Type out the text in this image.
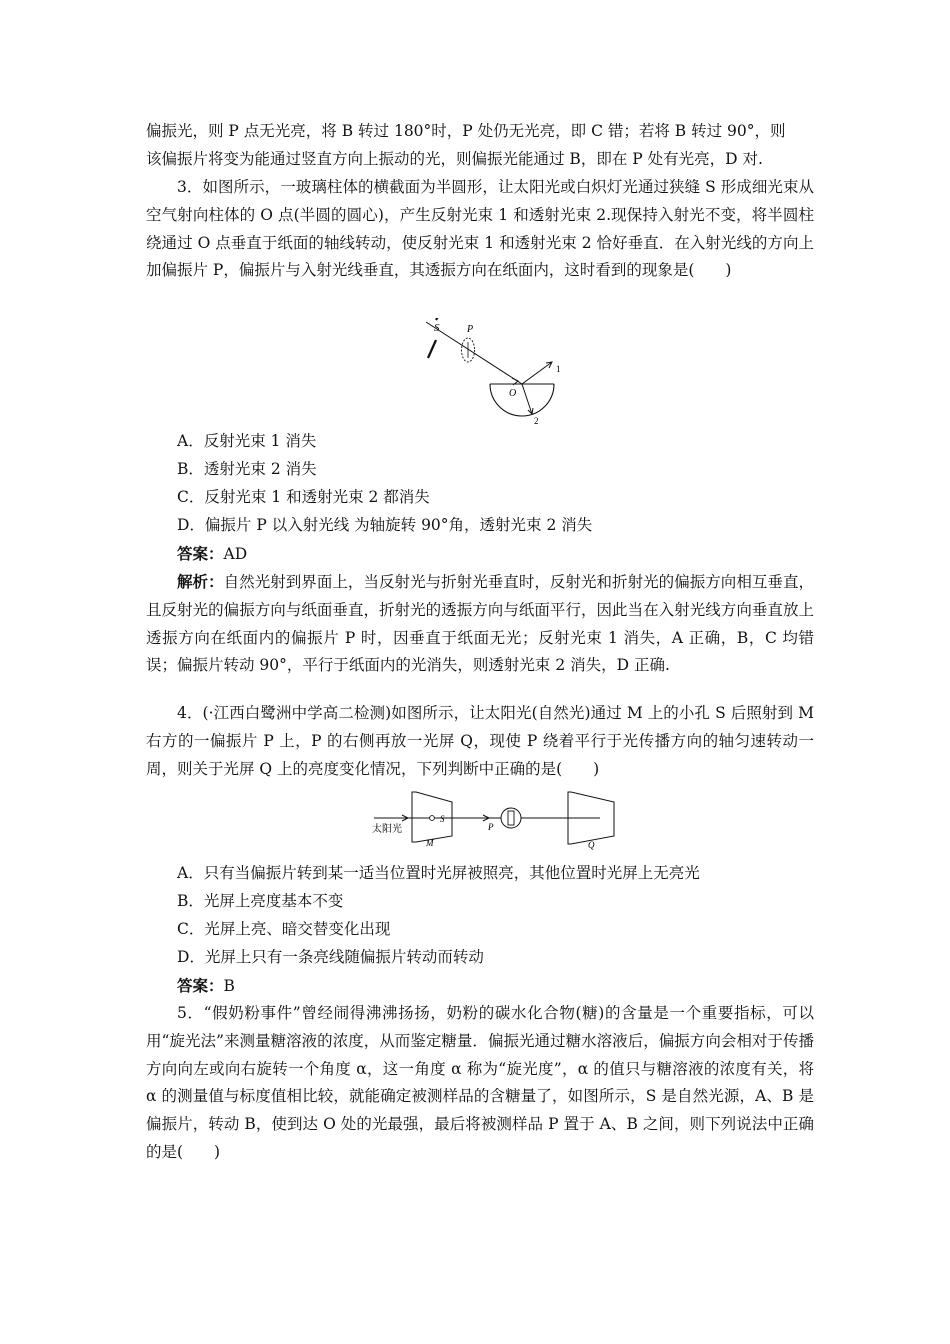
偏振光，则 P 点无光亮，将 B 转过 180°时，P 处仍无光亮，即 C 错；若将 B 转过 90°，则
该偏振片将变为能通过竖直方向上振动的光，则偏振光能通过 B，即在 P 处有光亮，D 对.

3．如图所示，一玻璃柱体的横截面为半圆形，让太阳光或白炽灯光通过狭缝 S 形成细光束从空气射向柱体的 O 点(半圆的圆心)，产生反射光束 1 和透射光束 2.现保持入射光不变，将半圆柱绕通过 O 点垂直于纸面的轴线转动，使反射光束 1 和透射光束 2 恰好垂直．在入射光线的方向上加偏振片 P，偏振片与入射光线垂直，其透振方向在纸面内，这时看到的现象是(　　)

S	P
O
1
2
A．反射光束 1 消失
B．透射光束 2 消失
C．反射光束 1 和透射光束 2 都消失
D．偏振片 P 以入射光线 为轴旋转 90°角，透射光束 2 消失
答案：AD

解析：自然光射到界面上，当反射光与折射光垂直时，反射光和折射光的偏振方向相互垂直，且反射光的偏振方向与纸面垂直，折射光的透振方向与纸面平行，因此当在入射光线方向垂直放上透振方向在纸面内的偏振片 P 时，因垂直于纸面无光；反射光束 1 消失，A 正确，B，C 均错误；偏振片转动 90°，平行于纸面内的光消失，则透射光束 2 消失，D 正确.

4．(·江西白鹭洲中学高二检测)如图所示，让太阳光(自然光)通过 M 上的小孔 S 后照射到 M 右方的一偏振片 P 上，P 的右侧再放一光屏 Q，现使 P 绕着平行于光传播方向的轴匀速转动一周，则关于光屏 Q 上的亮度变化情况，下列判断中正确的是(　　)

太阳光
S
M
P
Q
A．只有当偏振片转到某一适当位置时光屏被照亮，其他位置时光屏上无亮光
B．光屏上亮度基本不变
C．光屏上亮、暗交替变化出现
D．光屏上只有一条亮线随偏振片转动而转动
答案：B

5．“假奶粉事件”曾经闹得沸沸扬扬，奶粉的碳水化合物(糖)的含量是一个重要指标，可以用“旋光法”来测量糖溶液的浓度，从而鉴定糖量．偏振光通过糖水溶液后，偏振方向会相对于传播方向向左或向右旋转一个角度 α，这一角度 α 称为“旋光度”，α 的值只与糖溶液的浓度有关，将 α 的测量值与标度值相比较，就能确定被测样品的含糖量了，如图所示，S 是自然光源，A、B 是偏振片，转动 B，使到达 O 处的光最强，最后将被测样品 P 置于 A、B 之间，则下列说法中正确的是(　　)
